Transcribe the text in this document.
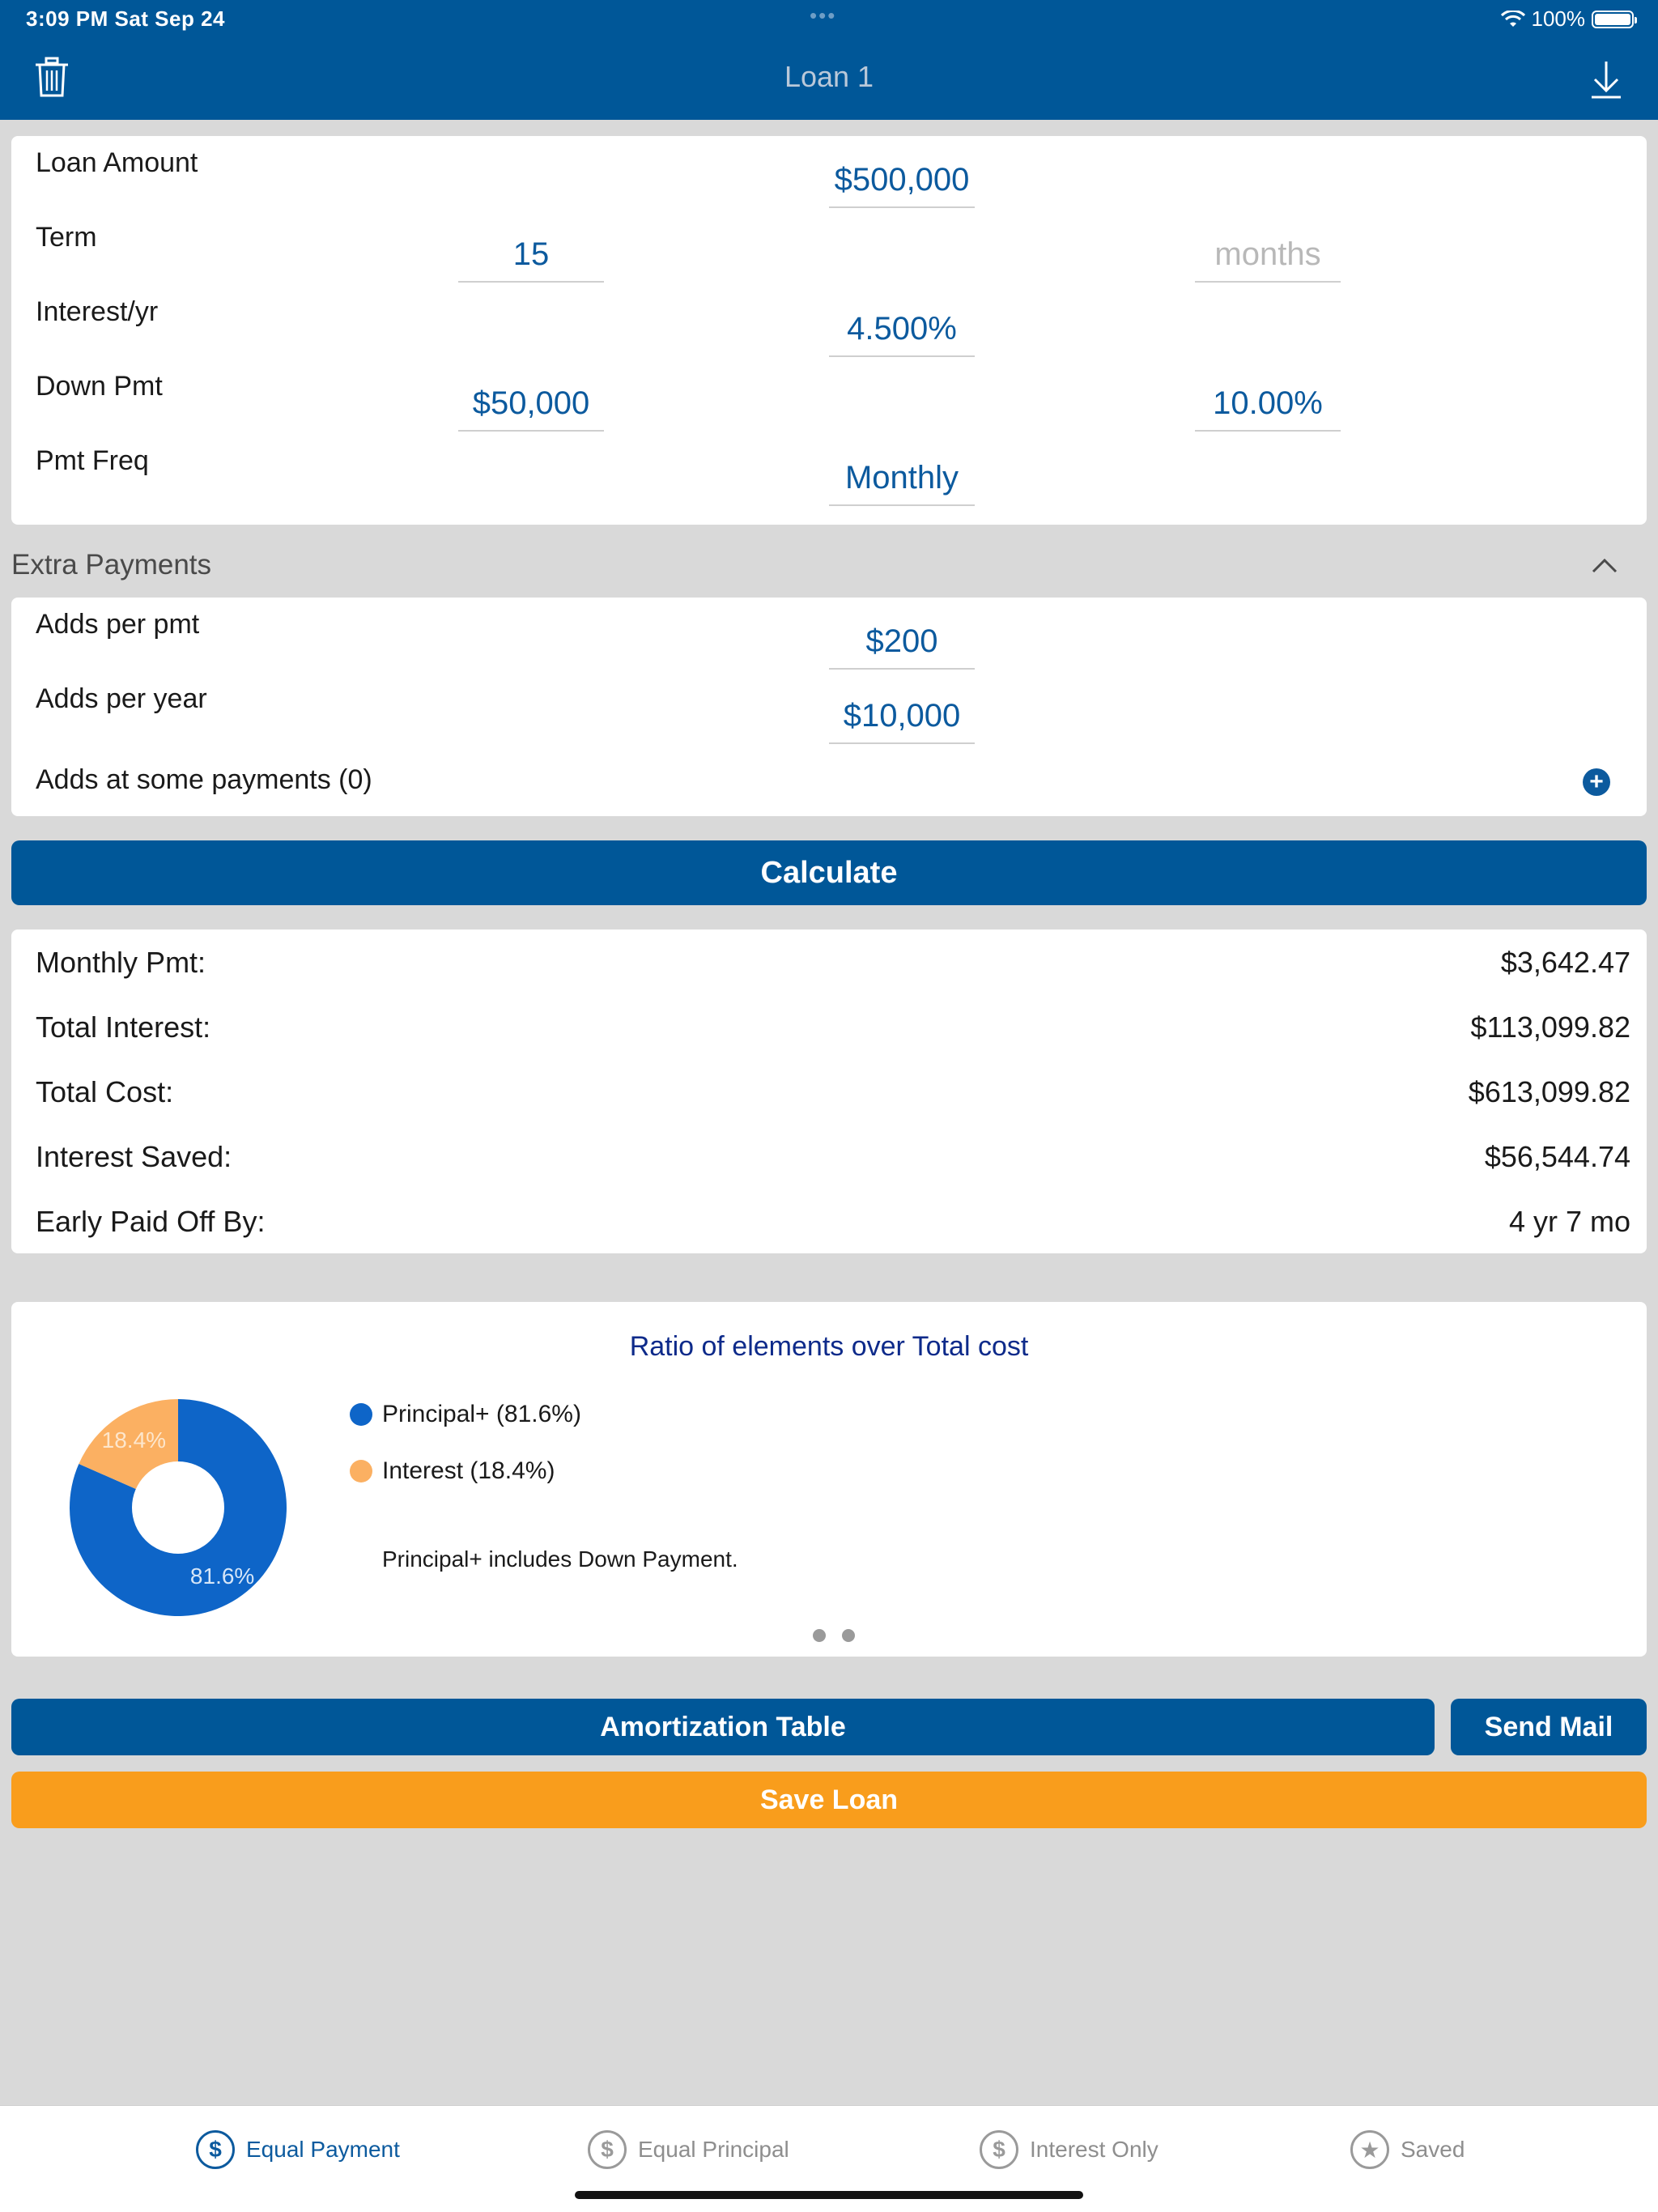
3:09 PM Sat Sep 24	•••	100%
Loan 1
Loan Amount	$500,000
Term	15	months
Interest/yr	4.500%
Down Pmt	$50,000	10.00%
Pmt Freq	Monthly
Extra Payments
Adds per pmt	$200
Adds per year	$10,000
Adds at some payments (0)	+
Calculate
Monthly Pmt:	$3,642.47
Total Interest:	$113,099.82
Total Cost:	$613,099.82
Interest Saved:	$56,544.74
Early Paid Off By:	4 yr 7 mo
Ratio of elements over Total cost
81.6%
18.4%
Principal+ (81.6%)
Interest (18.4%)
Principal+ includes Down Payment.
Amortization Table	Send Mail
Save Loan
$	Equal Payment	$	Equal Principal	$	Interest Only	★ Saved
